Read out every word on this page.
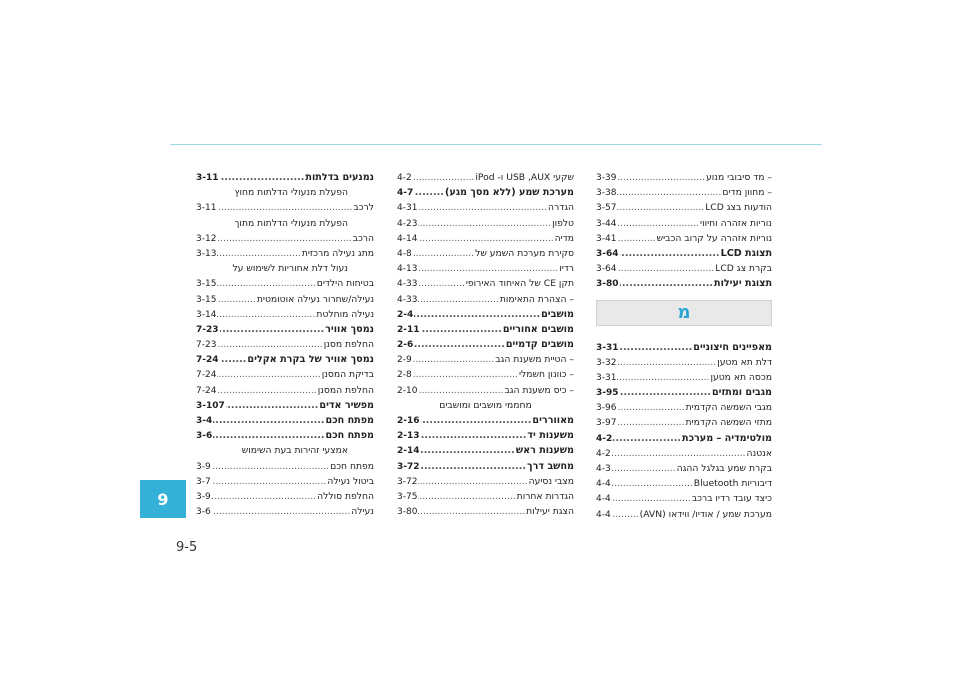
נמנעים בדלתות
.....
3-11
הפעלת מנעולי הדלתות מחוץ
לרכב
.....
3-11
הפעלת מנעולי הדלתות מתוך
הרכב
.....
3-12
מתג נעילה מרכזית
.....
3-13
נעול דלת אחוריות לשימוש על
בטיחות הילדים
.....
3-15
נעילה/שחרור נעילה אוטומטית
.....
3-15
נעילה מוחלטת
.....
3-14
נמסך אוויר
.....
7-23
החלפת מסנן
.....
7-23
נמסך אוויר של בקרת אקלים
.....
7-24
בדיקת המסנן
.....
7-24
החלפת המסנן
.....
7-24
מפשיר אדים
.....
3-107
מפתח חכם
.....
3-4
מפתח חכם
.....
3-6
אמצעי זהירות בעת השימוש
מפתח חכם
.....
3-9
ביטול נעילה
.....
3-7
החלפת סוללה
.....
3-9
נעילה
.....
3-6
שקעי USB ,AUX ו- iPod
.....
4-2
מערכת שמע (ללא מסך מגע)
.....
4-7
הגדרה
.....
4-31
טלפון
.....
4-23
מדיה
.....
4-14
סקירת מערכת השמע של
.....
4-8
רדיו
.....
4-13
תקן CE של האיחוד האירופי
.....
4-33
– הצהרת התאימות
.....
4-33
מושבים
.....
2-4
מושבים אחוריים
.....
2-11
מושבים קדמיים
.....
2-6
– הטיית משענת הגב
.....
2-9
– כוונון חשמלי
.....
2-8
– כיס משענת הגב
.....
2-10
מחממי מושבים ומושבים
מאווררים
.....
2-16
משענות יד
.....
2-13
משענות ראש
.....
2-14
מחשב דרך
.....
3-72
מצבי נסיעה
.....
3-72
הגדרות אחרות
.....
3-75
הצגת יעילות
.....
3-80
– מד סיבובי מנוע
.....
3-39
– מחוון מדים
.....
3-38
הודעות בצג LCD
.....
3-57
נוריות אזהרה וחיווי
.....
3-44
נוריות אזהרה על קרוב הכביש
.....
3-41
תצוגת LCD
.....
3-64
בקרת צג LCD
.....
3-64
תצוגת יעילות
.....
3-80
מ
מאפיינים חיצוניים
.....
3-31
דלת תא מטען
.....
3-32
מכסה תא מטען
.....
3-31
מגבים ומתזים
.....
3-95
מגבי השמשה הקדמית
.....
3-96
מתזי השמשה הקדמית
.....
3-97
מולטימדיה – מערכת
.....
4-2
אנטנה
.....
4-2
בקרת שמע בגלגל ההגה
.....
4-3
דיבוריות Bluetooth
.....
4-4
כיצד עובד רדיו ברכב
.....
4-4
מערכת שמע / אודיו/ ווידאו (AVN)
.....
4-4
9
9-5
